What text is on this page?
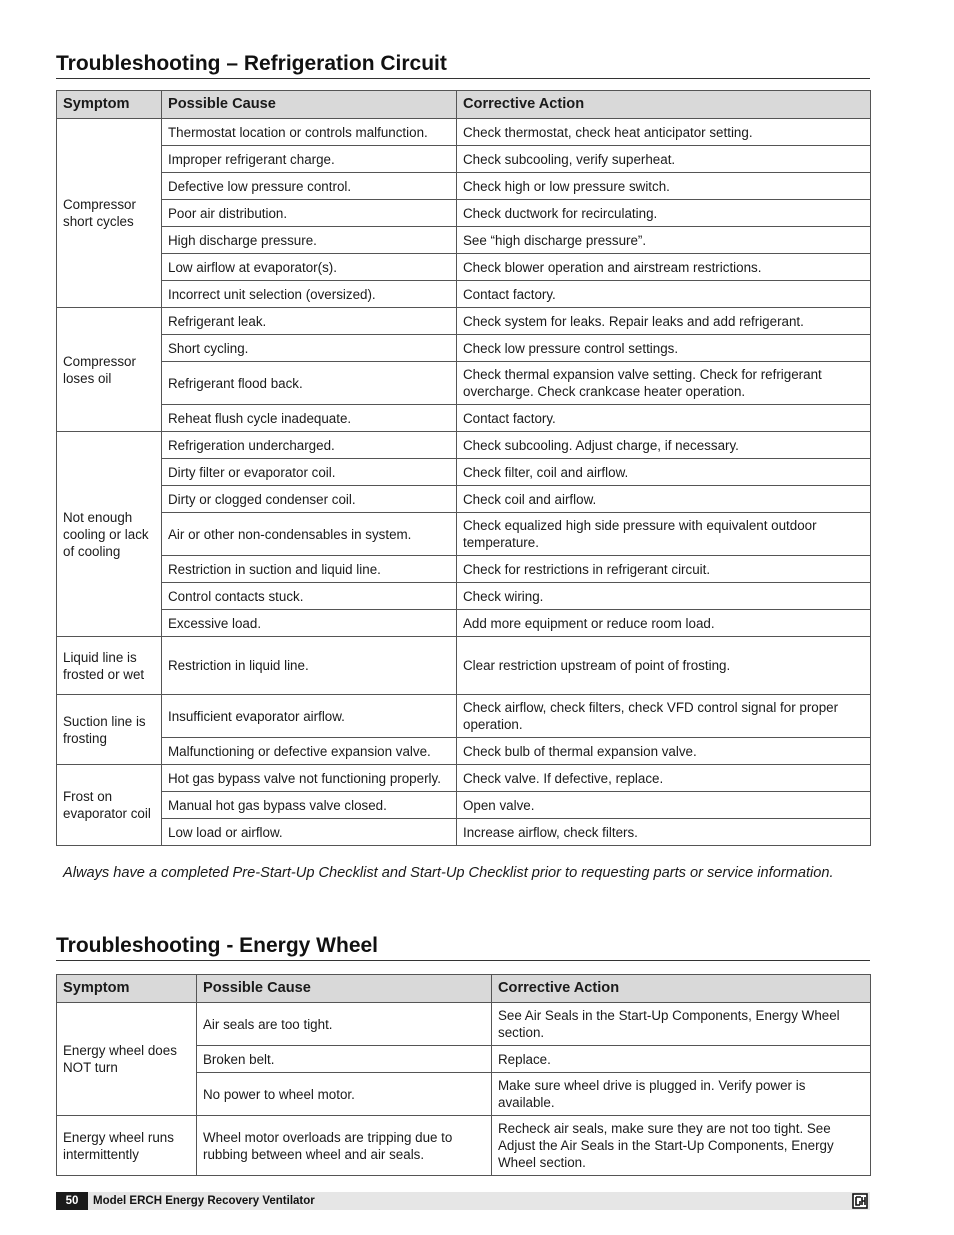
Troubleshooting – Refrigeration Circuit
Symptom	Possible Cause	Corrective Action
Compressor short cycles	Thermostat location or controls malfunction.	Check thermostat, check heat anticipator setting.
	Improper refrigerant charge.	Check subcooling, verify superheat.
	Defective low pressure control.	Check high or low pressure switch.
	Poor air distribution.	Check ductwork for recirculating.
	High discharge pressure.	See “high discharge pressure”.
	Low airflow at evaporator(s).	Check blower operation and airstream restrictions.
	Incorrect unit selection (oversized).	Contact factory.
Compressor loses oil	Refrigerant leak.	Check system for leaks. Repair leaks and add refrigerant.
	Short cycling.	Check low pressure control settings.
	Refrigerant flood back.	Check thermal expansion valve setting. Check for refrigerant overcharge. Check crankcase heater operation.
	Reheat flush cycle inadequate.	Contact factory.
Not enough cooling or lack of cooling	Refrigeration undercharged.	Check subcooling. Adjust charge, if necessary.
	Dirty filter or evaporator coil.	Check filter, coil and airflow.
	Dirty or clogged condenser coil.	Check coil and airflow.
	Air or other non-condensables in system.	Check equalized high side pressure with equivalent outdoor temperature.
	Restriction in suction and liquid line.	Check for restrictions in refrigerant circuit.
	Control contacts stuck.	Check wiring.
	Excessive load.	Add more equipment or reduce room load.
Liquid line is frosted or wet	Restriction in liquid line.	Clear restriction upstream of point of frosting.
Suction line is frosting	Insufficient evaporator airflow.	Check airflow, check filters, check VFD control signal for proper operation.
	Malfunctioning or defective expansion valve.	Check bulb of thermal expansion valve.
Frost on evaporator coil	Hot gas bypass valve not functioning properly.	Check valve. If defective, replace.
	Manual hot gas bypass valve closed.	Open valve.
	Low load or airflow.	Increase airflow, check filters.

Always have a completed Pre-Start-Up Checklist and Start-Up Checklist prior to requesting parts or service information.

Troubleshooting - Energy Wheel
Symptom	Possible Cause	Corrective Action
Energy wheel does NOT turn	Air seals are too tight.	See Air Seals in the Start-Up Components, Energy Wheel section.
	Broken belt.	Replace.
	No power to wheel motor.	Make sure wheel drive is plugged in. Verify power is available.
Energy wheel runs intermittently	Wheel motor overloads are tripping due to rubbing between wheel and air seals.	Recheck air seals, make sure they are not too tight. See Adjust the Air Seals in the Start-Up Components, Energy Wheel section.
50	Model ERCH Energy Recovery Ventilator
